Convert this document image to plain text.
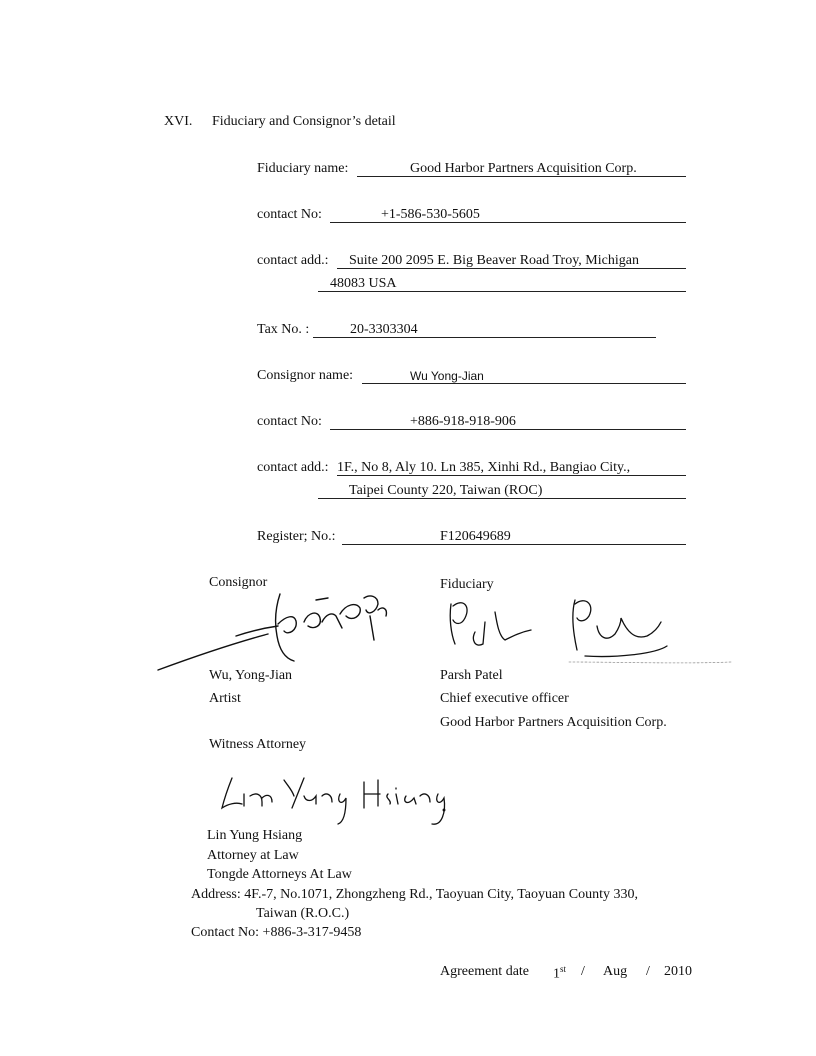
XVI. Fiduciary and Consignor’s detail
Fiduciary name:	Good Harbor Partners Acquisition Corp.
contact No:	+1-586-530-5605
contact add.: Suite 200 2095 E. Big Beaver Road Troy, Michigan
48083 USA
Tax No. :	20-3303304
Consignor name:	Wu Yong-Jian
contact No:	+886-918-918-906
contact add.: 1F., No 8, Aly 10. Ln 385, Xinhi Rd., Bangiao City.,
Taipei County 220, Taiwan (ROC)
Register; No.:	F120649689
Consignor
Wu, Yong-Jian
Artist
Fiduciary
Parsh Patel
Chief executive officer
Good Harbor Partners Acquisition Corp.
Witness Attorney
Lin Yung Hsiang
Attorney at Law
Tongde Attorneys At Law
Address: 4F.-7, No.1071, Zhongzheng Rd., Taoyuan City, Taoyuan County 330,
Taiwan (R.O.C.)
Contact No: +886-3-317-9458
Agreement date 1st / Aug / 2010
